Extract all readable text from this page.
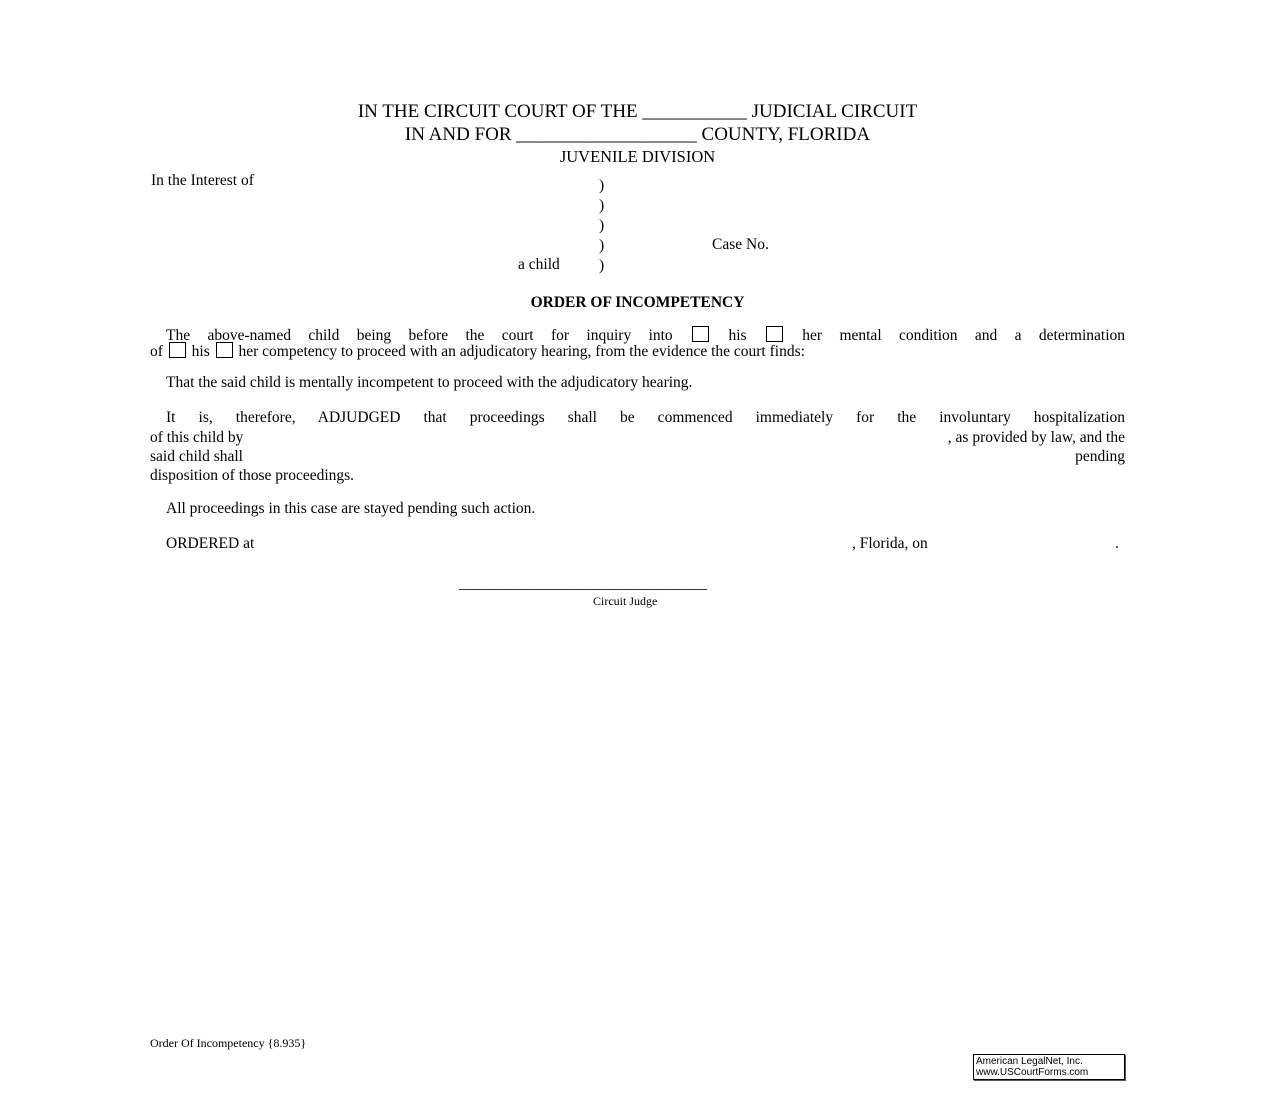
IN THE CIRCUIT COURT OF THE ___________ JUDICIAL CIRCUIT
IN AND FOR ___________________ COUNTY, FLORIDA
JUVENILE DIVISION
In the Interest of	)
)
)
)
)
a child
Case No.
ORDER OF INCOMPETENCY
The above-named child being before the court for inquiry into	his	her mental condition and a determination
of his her competency to proceed with an adjudicatory hearing, from the evidence the court finds:
That the said child is mentally incompetent to proceed with the adjudicatory hearing.
It is, therefore, ADJUDGED that proceedings shall be commenced immediately for the involuntary hospitalization
of this child by	, as provided by law, and the
said child shall	pending
disposition of those proceedings.
All proceedings in this case are stayed pending such action.
ORDERED at	, Florida, on	.
________________________________
Circuit Judge
Order Of Incompetency {8.935}
American LegalNet, Inc.
www.USCourtForms.com
